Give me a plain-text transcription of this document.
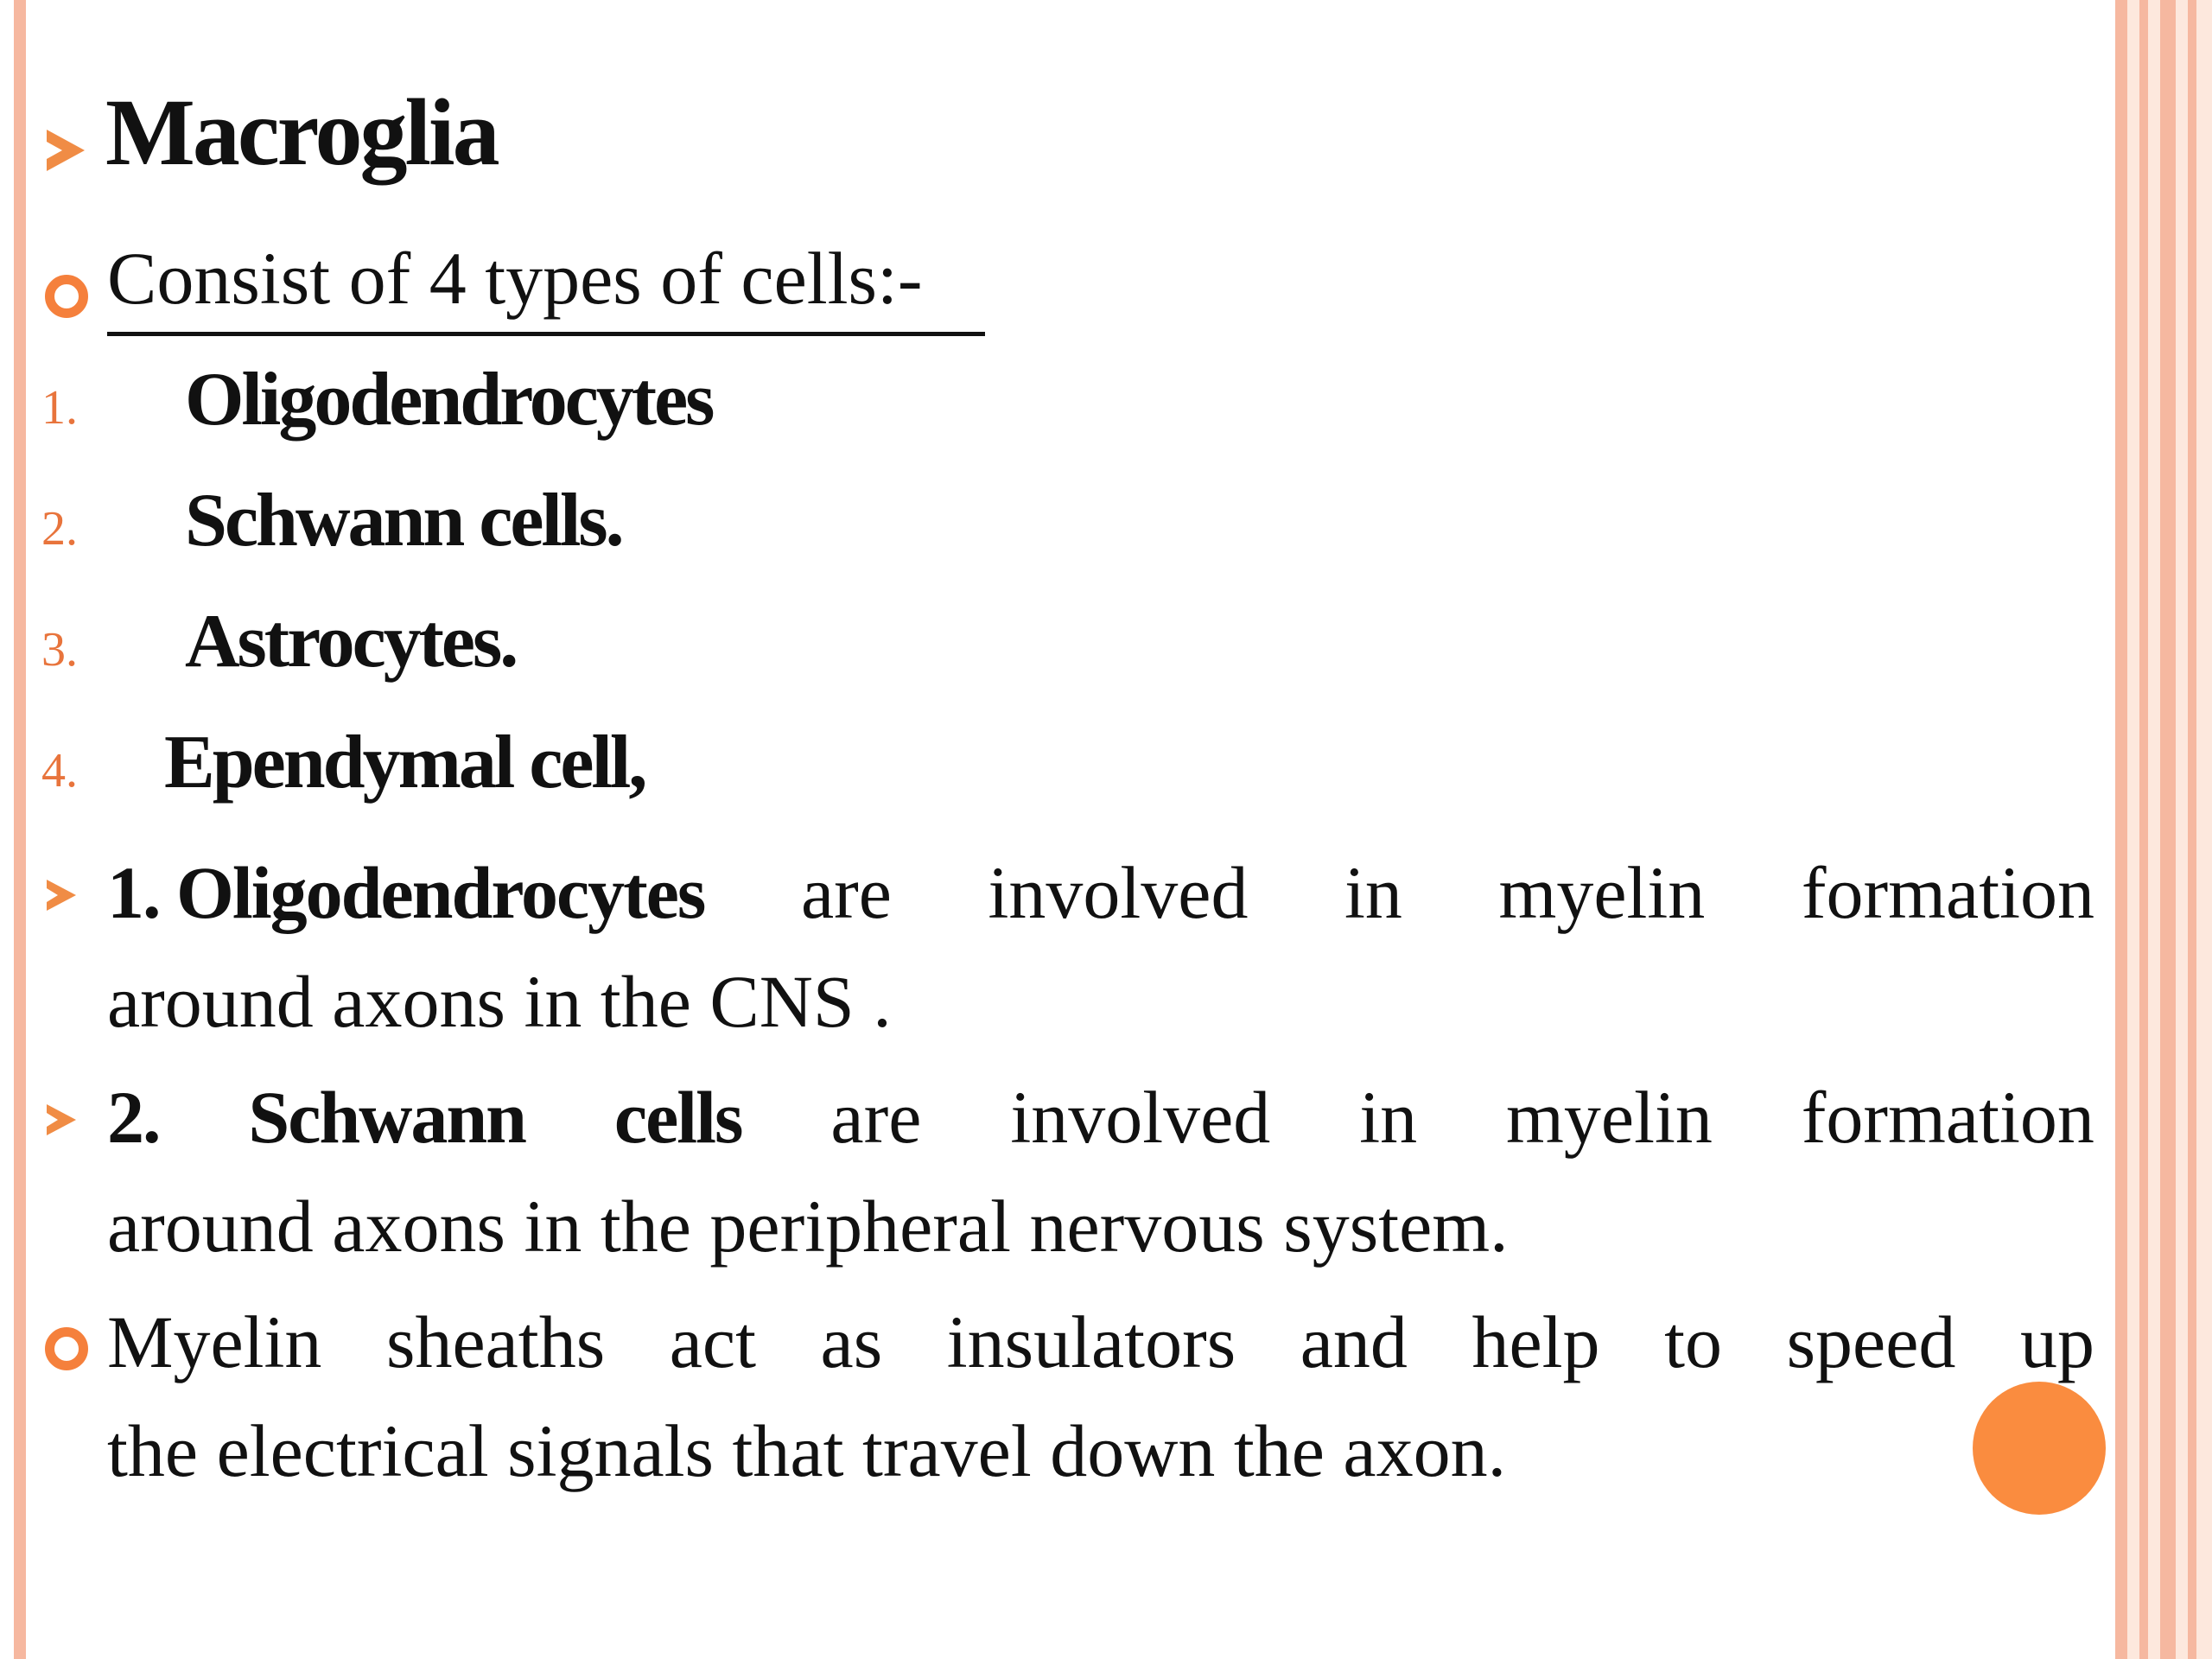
Macroglia
Consist of 4 types of cells:-
1. Oligodendrocytes
2. Schwann cells.
3. Astrocytes.
4. Ependymal cell,
1. Oligodendrocytes are involved in myelin formation
around axons in the CNS .
2. Schwann cells are involved in myelin formation
around axons in the peripheral nervous system.
Myelin sheaths act as insulators and help to speed up
the electrical signals that travel down the axon.
